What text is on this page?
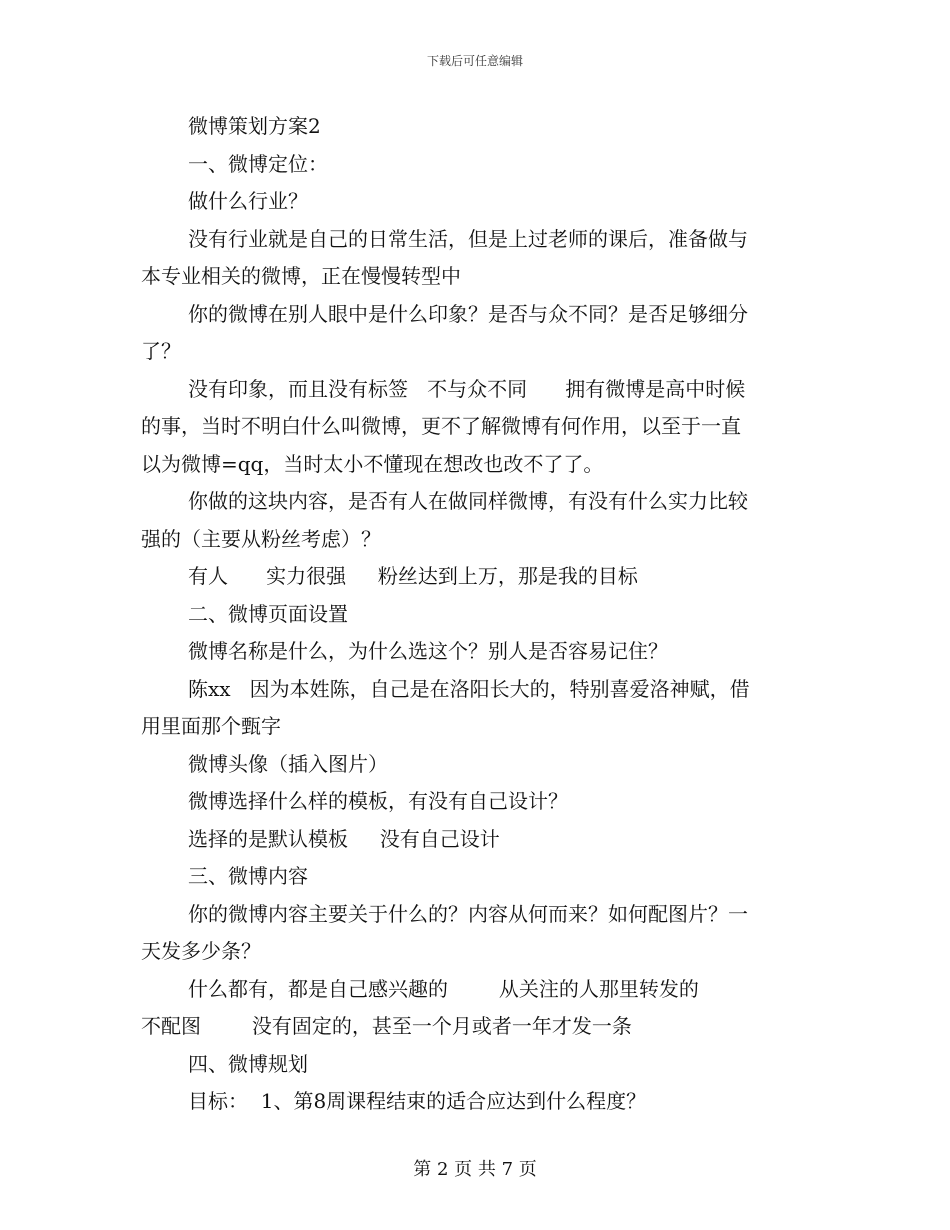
下载后可任意编辑
微博策划方案2
一、微博定位：
做什么行业？
没有行业就是自己的日常生活，但是上过老师的课后，准备做与
本专业相关的微博，正在慢慢转型中
你的微博在别人眼中是什么印象？是否与众不同？是否足够细分
了？
没有印象，而且没有标签   不与众不同      拥有微博是高中时候
的事，当时不明白什么叫微博，更不了解微博有何作用，以至于一直
以为微博=qq，当时太小不懂现在想改也改不了了。
你做的这块内容，是否有人在做同样微博，有没有什么实力比较
强的（主要从粉丝考虑）？
有人      实力很强     粉丝达到上万，那是我的目标
二、微博页面设置
微博名称是什么，为什么选这个？别人是否容易记住？
陈xx   因为本姓陈，自己是在洛阳长大的，特别喜爱洛神赋，借
用里面那个甄字
微博头像（插入图片）
微博选择什么样的模板，有没有自己设计？
选择的是默认模板     没有自己设计
三、微博内容
你的微博内容主要关于什么的？内容从何而来？如何配图片？一
天发多少条？
什么都有，都是自己感兴趣的        从关注的人那里转发的
不配图        没有固定的，甚至一个月或者一年才发一条
四、微博规划
目标：  1、第8周课程结束的适合应达到什么程度？
第 2 页 共 7 页
